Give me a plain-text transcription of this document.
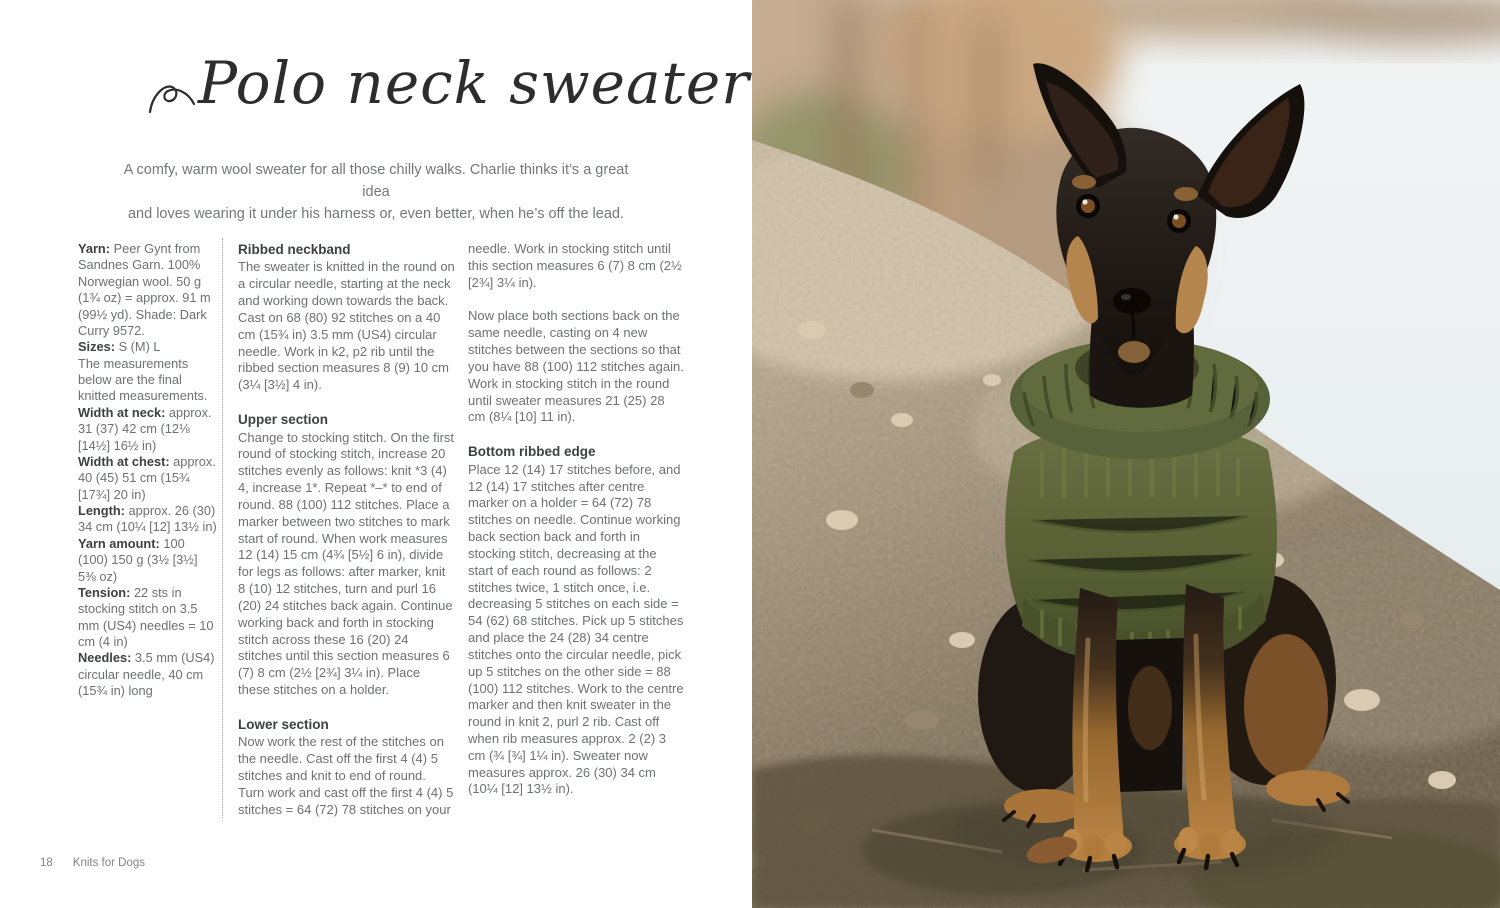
Polo neck sweater
A comfy, warm wool sweater for all those chilly walks. Charlie thinks it’s a great idea
and loves wearing it under his harness or, even better, when he’s off the lead.

Yarn: Peer Gynt from Sandnes Garn. 100% Norwegian wool. 50 g (1¾ oz) = approx. 91 m (99½ yd). Shade: Dark Curry 9572.

Sizes: S (M) L

The measurements below are the final knitted measurements.

Width at neck: approx. 31 (37) 42 cm (12⅛ [14½] 16½ in)

Width at chest: approx. 40 (45) 51 cm (15¾ [17¾] 20 in)

Length: approx. 26 (30) 34 cm (10¼ [12] 13½ in)

Yarn amount: 100 (100) 150 g (3½ [3½] 5⅜ oz)

Tension: 22 sts in stocking stitch on 3.5 mm (US4) needles = 10 cm (4 in)

Needles: 3.5 mm (US4) circular needle, 40 cm (15¾ in) long

Ribbed neckband

The sweater is knitted in the round on a circular needle, starting at the neck and working down towards the back. Cast on 68 (80) 92 stitches on a 40 cm (15¾ in) 3.5 mm (US4) circular needle. Work in k2, p2 rib until the ribbed section measures 8 (9) 10 cm (3¼ [3½] 4 in).

Upper section

Change to stocking stitch. On the first round of stocking stitch, increase 20 stitches evenly as follows: knit *3 (4) 4, increase 1*. Repeat *–* to end of round. 88 (100) 112 stitches. Place a marker between two stitches to mark start of round. When work measures 12 (14) 15 cm (4¾ [5½] 6 in), divide for legs as follows: after marker, knit 8 (10) 12 stitches, turn and purl 16 (20) 24 stitches back again. Continue working back and forth in stocking stitch across these 16 (20) 24 stitches until this section measures 6 (7) 8 cm (2½ [2¾] 3¼ in). Place these stitches on a holder.

Lower section

Now work the rest of the stitches on the needle. Cast off the first 4 (4) 5 stitches and knit to end of round. Turn work and cast off the first 4 (4) 5 stitches = 64 (72) 78 stitches on your

needle. Work in stocking stitch until this section measures 6 (7) 8 cm (2½ [2¾] 3¼ in).

Now place both sections back on the same needle, casting on 4 new stitches between the sections so that you have 88 (100) 112 stitches again. Work in stocking stitch in the round until sweater measures 21 (25) 28 cm (8¼ [10] 11 in).

Bottom ribbed edge

Place 12 (14) 17 stitches before, and 12 (14) 17 stitches after centre marker on a holder = 64 (72) 78 stitches on needle. Continue working back section back and forth in stocking stitch, decreasing at the start of each round as follows: 2 stitches twice, 1 stitch once, i.e. decreasing 5 stitches on each side = 54 (62) 68 stitches. Pick up 5 stitches and place the 24 (28) 34 centre stitches onto the circular needle, pick up 5 stitches on the other side = 88 (100) 112 stitches. Work to the centre marker and then knit sweater in the round in knit 2, purl 2 rib. Cast off when rib measures approx. 2 (2) 3 cm (¾ [¾] 1¼ in). Sweater now measures approx. 26 (30) 34 cm (10¼ [12] 13½ in).

18 Knits for Dogs
